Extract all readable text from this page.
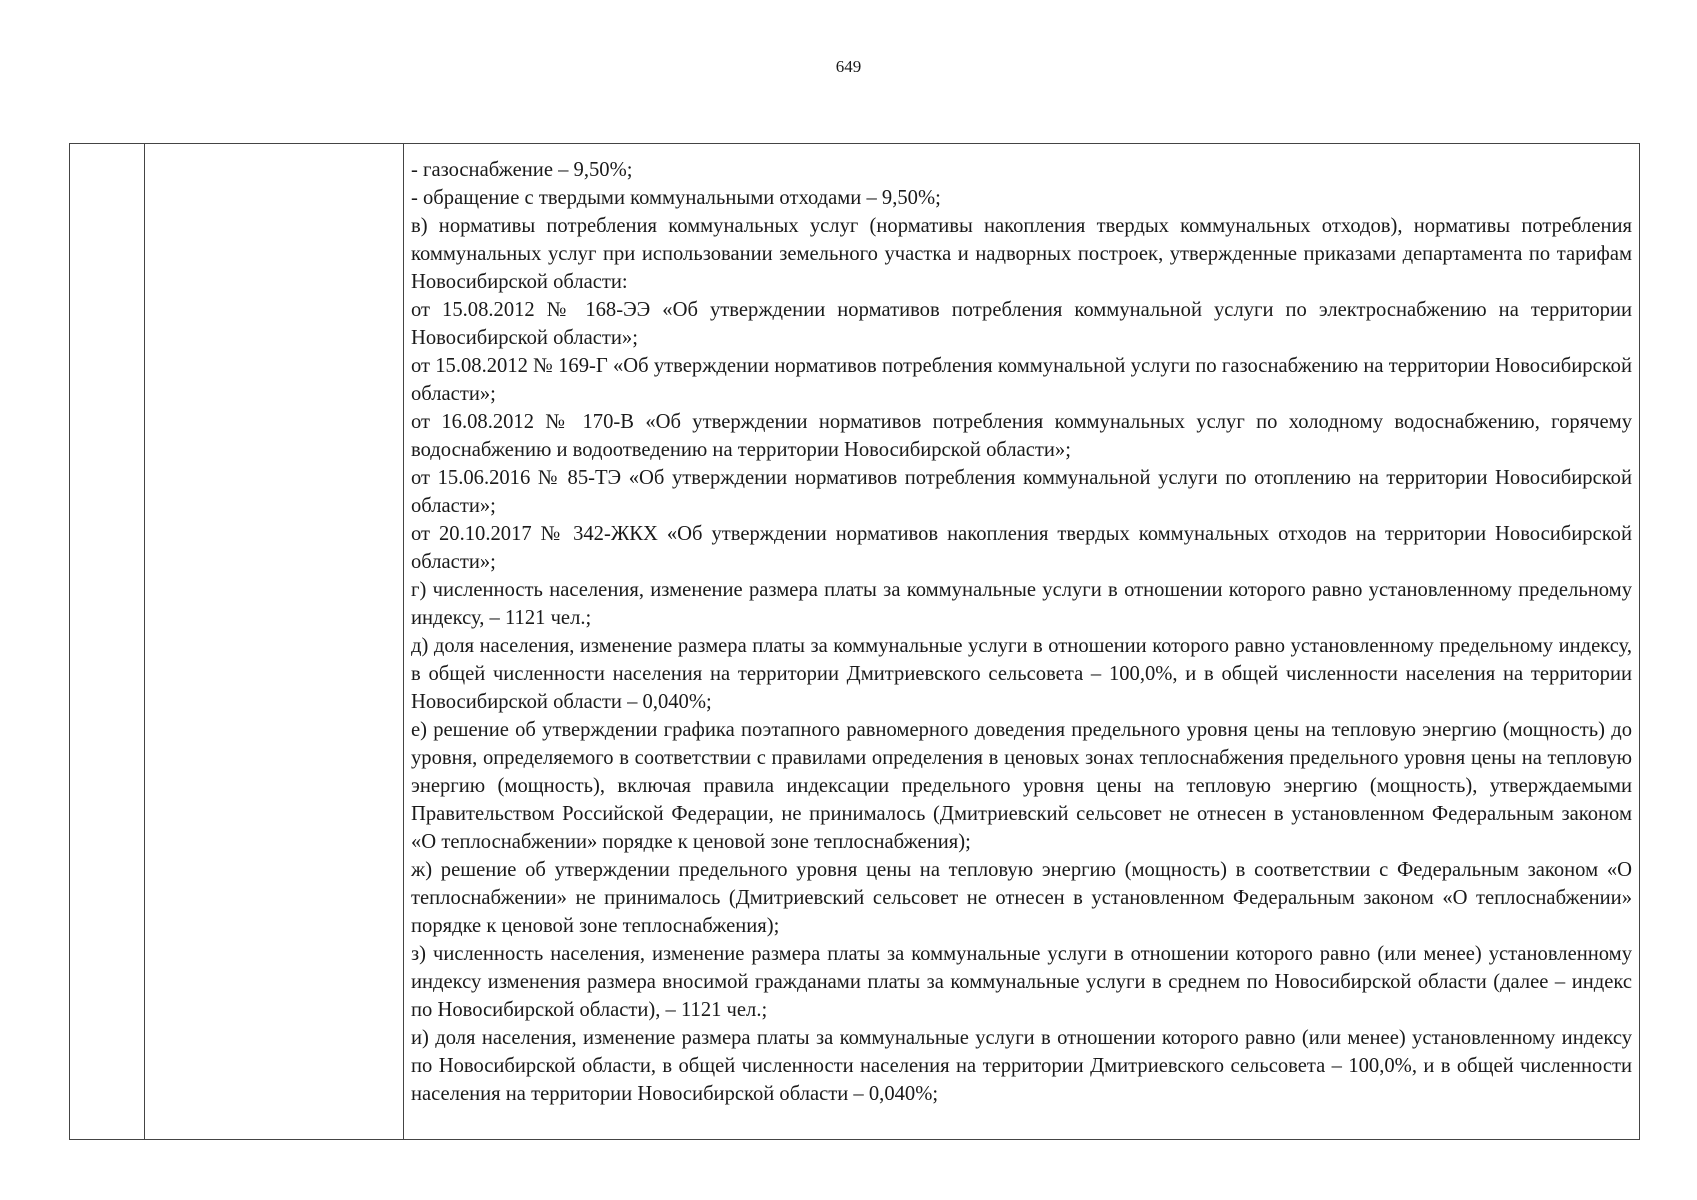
649

- газоснабжение – 9,50%;

- обращение с твердыми коммунальными отходами – 9,50%;

в) нормативы потребления коммунальных услуг (нормативы накопления твердых коммунальных отходов), нормативы потребления коммунальных услуг при использовании земельного участка и надворных построек, утвержденные приказами департамента по тарифам Новосибирской области:

от 15.08.2012 № 168-ЭЭ «Об утверждении нормативов потребления коммунальной услуги по электроснабжению на территории Новосибирской области»;

от 15.08.2012 № 169-Г «Об утверждении нормативов потребления коммунальной услуги по газоснабжению на территории Новосибирской области»;

от 16.08.2012 № 170-В «Об утверждении нормативов потребления коммунальных услуг по холодному водоснабжению, горячему водоснабжению и водоотведению на территории Новосибирской области»;

от 15.06.2016 № 85-ТЭ «Об утверждении нормативов потребления коммунальной услуги по отоплению на территории Новосибирской области»;

от 20.10.2017 № 342-ЖКХ «Об утверждении нормативов накопления твердых коммунальных отходов на территории Новосибирской области»;

г) численность населения, изменение размера платы за коммунальные услуги в отношении которого равно установленному предельному индексу, – 1121 чел.;

д) доля населения, изменение размера платы за коммунальные услуги в отношении которого равно установленному предельному индексу, в общей численности населения на территории Дмитриевского сельсовета – 100,0%, и в общей численности населения на территории Новосибирской области – 0,040%;

е) решение об утверждении графика поэтапного равномерного доведения предельного уровня цены на тепловую энергию (мощность) до уровня, определяемого в соответствии с правилами определения в ценовых зонах теплоснабжения предельного уровня цены на тепловую энергию (мощность), включая правила индексации предельного уровня цены на тепловую энергию (мощность), утверждаемыми Правительством Российской Федерации, не принималось (Дмитриевский сельсовет не отнесен в установленном Федеральным законом «О теплоснабжении» порядке к ценовой зоне теплоснабжения);

ж) решение об утверждении предельного уровня цены на тепловую энергию (мощность) в соответствии с Федеральным законом «О теплоснабжении» не принималось (Дмитриевский сельсовет не отнесен в установленном Федеральным законом «О теплоснабжении» порядке к ценовой зоне теплоснабжения);

з) численность населения, изменение размера платы за коммунальные услуги в отношении которого равно (или менее) установленному индексу изменения размера вносимой гражданами платы за коммунальные услуги в среднем по Новосибирской области (далее – индекс по Новосибирской области), – 1121 чел.;

и) доля населения, изменение размера платы за коммунальные услуги в отношении которого равно (или менее) установленному индексу по Новосибирской области, в общей численности населения на территории Дмитриевского сельсовета – 100,0%, и в общей численности населения на территории Новосибирской области – 0,040%;
